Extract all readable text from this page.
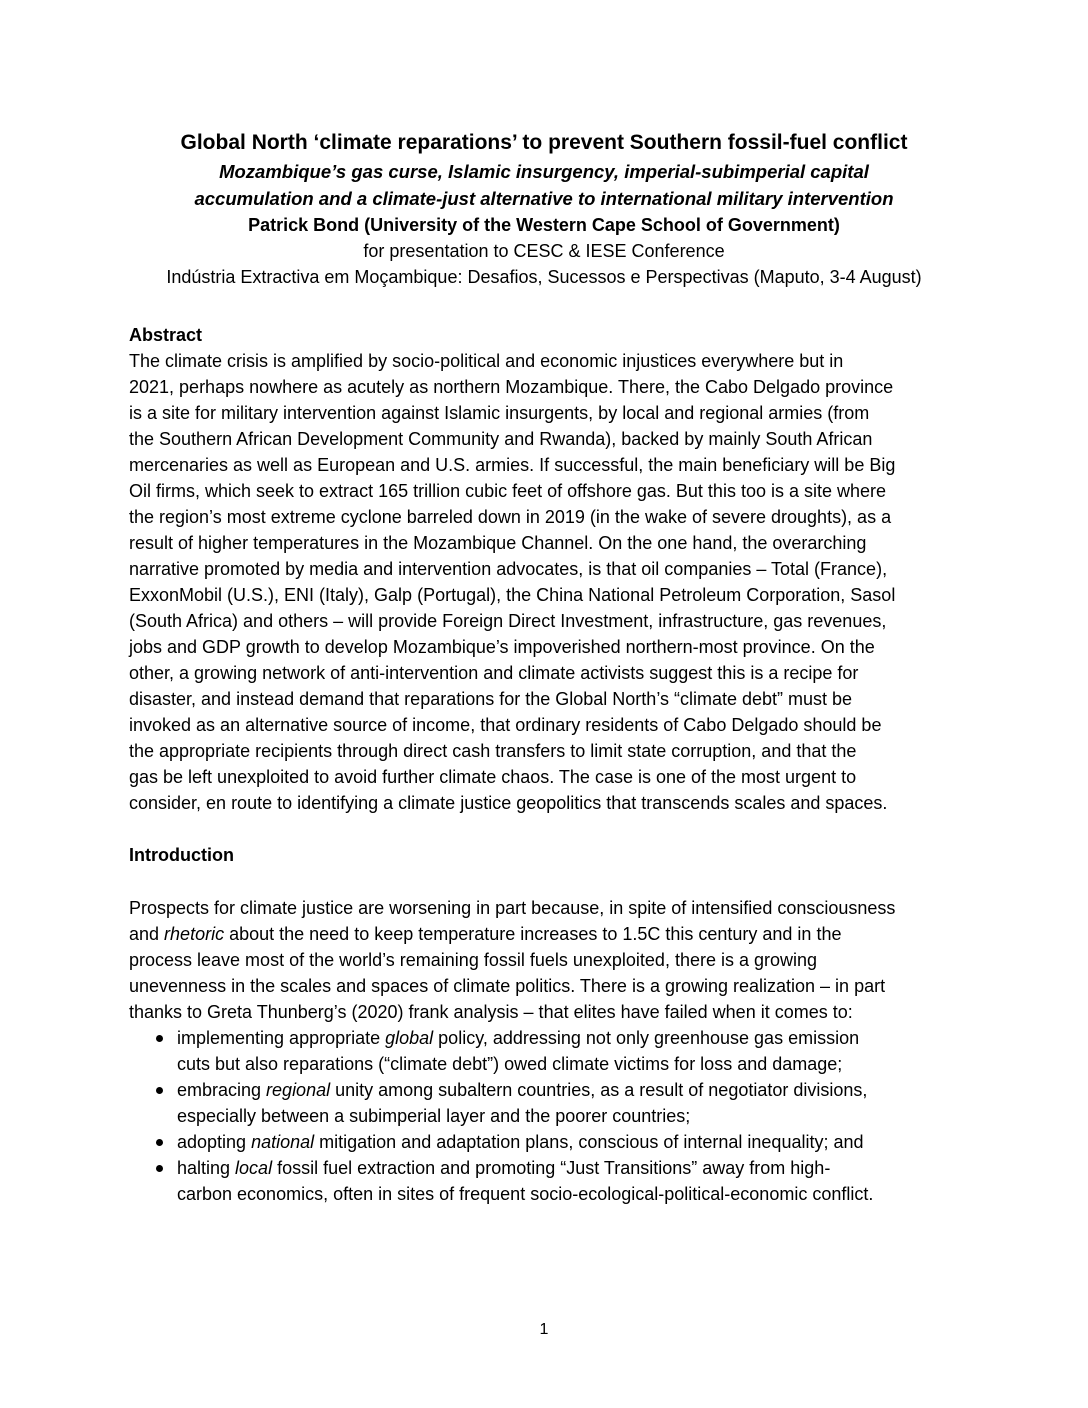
Global North ‘climate reparations’ to prevent Southern fossil-fuel conflict

Mozambique’s gas curse, Islamic insurgency, imperial-subimperial capital

accumulation and a climate-just alternative to international military intervention

Patrick Bond (University of the Western Cape School of Government)

for presentation to CESC & IESE Conference

Indústria Extractiva em Moçambique: Desafios, Sucessos e Perspectivas (Maputo, 3-4 August)

Abstract

The climate crisis is amplified by socio-political and economic injustices everywhere but in
2021, perhaps nowhere as acutely as northern Mozambique. There, the Cabo Delgado province
is a site for military intervention against Islamic insurgents, by local and regional armies (from
the Southern African Development Community and Rwanda), backed by mainly South African
mercenaries as well as European and U.S. armies. If successful, the main beneficiary will be Big
Oil firms, which seek to extract 165 trillion cubic feet of offshore gas. But this too is a site where
the region’s most extreme cyclone barreled down in 2019 (in the wake of severe droughts), as a
result of higher temperatures in the Mozambique Channel. On the one hand, the overarching
narrative promoted by media and intervention advocates, is that oil companies – Total (France),
ExxonMobil (U.S.), ENI (Italy), Galp (Portugal), the China National Petroleum Corporation, Sasol
(South Africa) and others – will provide Foreign Direct Investment, infrastructure, gas revenues,
jobs and GDP growth to develop Mozambique’s impoverished northern-most province. On the
other, a growing network of anti-intervention and climate activists suggest this is a recipe for
disaster, and instead demand that reparations for the Global North’s “climate debt” must be
invoked as an alternative source of income, that ordinary residents of Cabo Delgado should be
the appropriate recipients through direct cash transfers to limit state corruption, and that the
gas be left unexploited to avoid further climate chaos. The case is one of the most urgent to
consider, en route to identifying a climate justice geopolitics that transcends scales and spaces.

Introduction

Prospects for climate justice are worsening in part because, in spite of intensified consciousness
and rhetoric about the need to keep temperature increases to 1.5C this century and in the
process leave most of the world’s remaining fossil fuels unexploited, there is a growing
unevenness in the scales and spaces of climate politics. There is a growing realization – in part
thanks to Greta Thunberg’s (2020) frank analysis – that elites have failed when it comes to:

implementing appropriate global policy, addressing not only greenhouse gas emission
cuts but also reparations (“climate debt”) owed climate victims for loss and damage;
embracing regional unity among subaltern countries, as a result of negotiator divisions,
especially between a subimperial layer and the poorer countries;
adopting national mitigation and adaptation plans, conscious of internal inequality; and
halting local fossil fuel extraction and promoting “Just Transitions” away from high-
carbon economics, often in sites of frequent socio-ecological-political-economic conflict.
1
